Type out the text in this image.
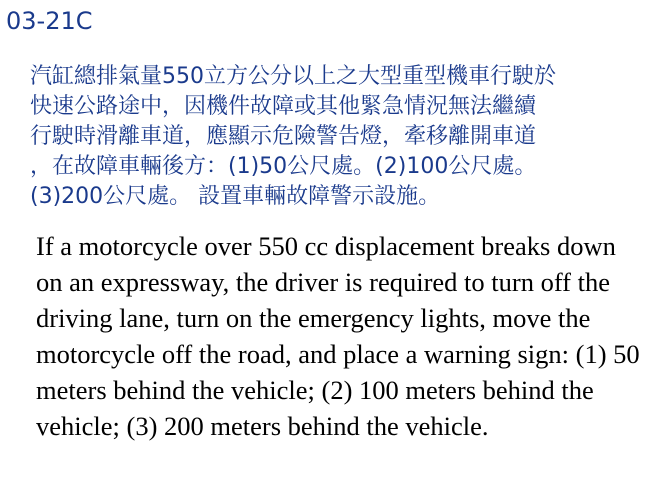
03-21C
汽缸總排氣量550立方公分以上之大型重型機車行駛於
快速公路途中，因機件故障或其他緊急情況無法繼續
行駛時滑離車道，應顯示危險警告燈，牽移離開車道
，在故障車輛後方：(1)50公尺處。(2)100公尺處。
(3)200公尺處。 設置車輛故障警示設施。
If a motorcycle over 550 cc displacement breaks down on an expressway, the driver is required to turn off the driving lane, turn on the emergency lights, move the motorcycle off the road, and place a warning sign: (1) 50 meters behind the vehicle; (2) 100 meters behind the vehicle; (3) 200 meters behind the vehicle.
